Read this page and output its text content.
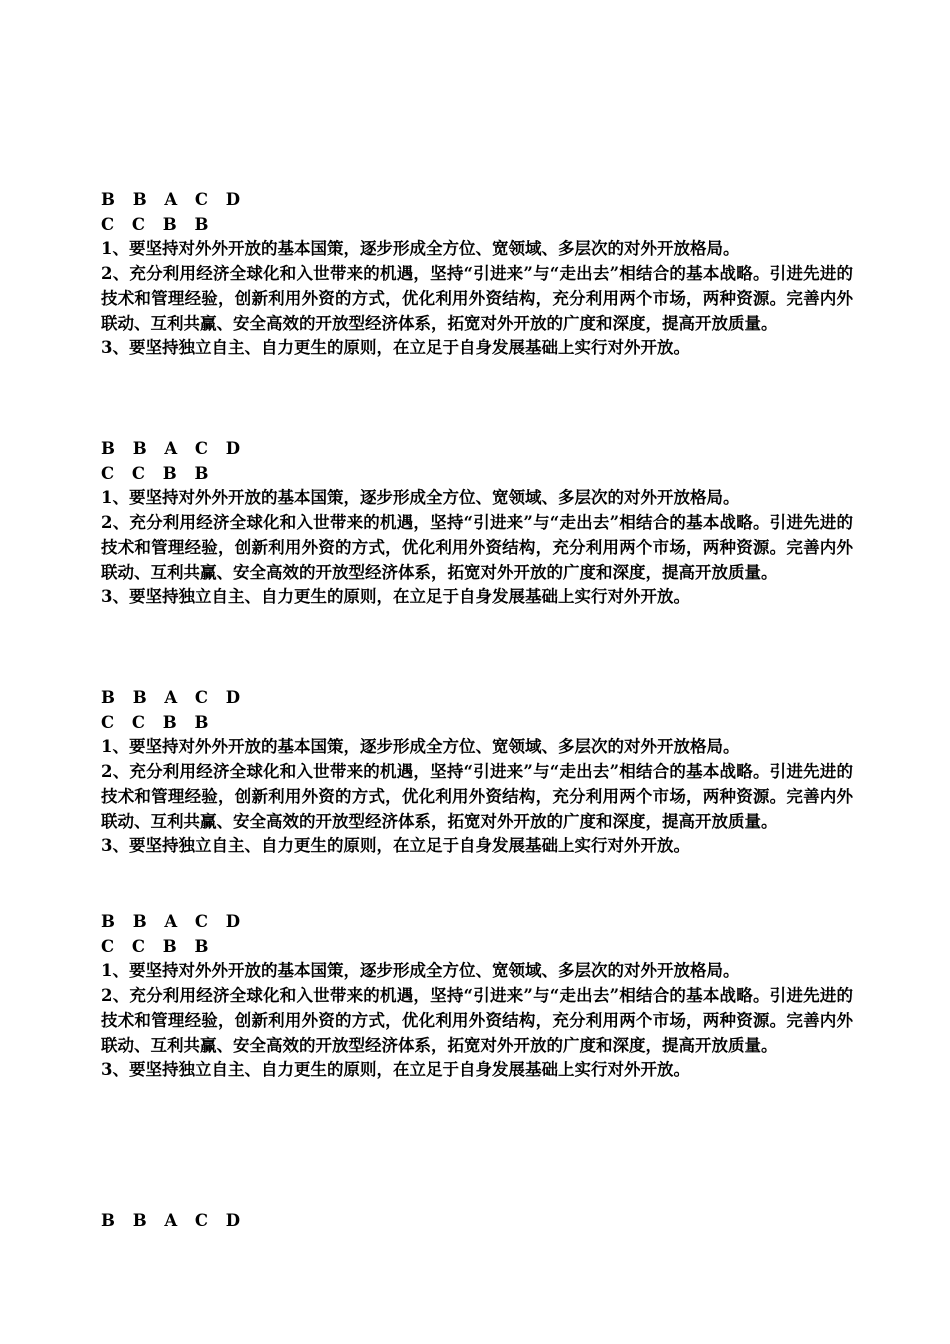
B B A C D
C C B B
1、要坚持对外外开放的基本国策，逐步形成全方位、宽领域、多层次的对外开放格局。
2、充分利用经济全球化和入世带来的机遇，坚持“引进来”与“走出去”相结合的基本战略。引进先进的技术和管理经验，创新利用外资的方式，优化利用外资结构，充分利用两个市场，两种资源。完善内外联动、互利共赢、安全高效的开放型经济体系，拓宽对外开放的广度和深度，提高开放质量。
3、要坚持独立自主、自力更生的原则，在立足于自身发展基础上实行对外开放。
B B A C D
C C B B
1、要坚持对外外开放的基本国策，逐步形成全方位、宽领域、多层次的对外开放格局。
2、充分利用经济全球化和入世带来的机遇，坚持“引进来”与“走出去”相结合的基本战略。引进先进的技术和管理经验，创新利用外资的方式，优化利用外资结构，充分利用两个市场，两种资源。完善内外联动、互利共赢、安全高效的开放型经济体系，拓宽对外开放的广度和深度，提高开放质量。
3、要坚持独立自主、自力更生的原则，在立足于自身发展基础上实行对外开放。
B B A C D
C C B B
1、要坚持对外外开放的基本国策，逐步形成全方位、宽领域、多层次的对外开放格局。
2、充分利用经济全球化和入世带来的机遇，坚持“引进来”与“走出去”相结合的基本战略。引进先进的技术和管理经验，创新利用外资的方式，优化利用外资结构，充分利用两个市场，两种资源。完善内外联动、互利共赢、安全高效的开放型经济体系，拓宽对外开放的广度和深度，提高开放质量。
3、要坚持独立自主、自力更生的原则，在立足于自身发展基础上实行对外开放。
B B A C D
C C B B
1、要坚持对外外开放的基本国策，逐步形成全方位、宽领域、多层次的对外开放格局。
2、充分利用经济全球化和入世带来的机遇，坚持“引进来”与“走出去”相结合的基本战略。引进先进的技术和管理经验，创新利用外资的方式，优化利用外资结构，充分利用两个市场，两种资源。完善内外联动、互利共赢、安全高效的开放型经济体系，拓宽对外开放的广度和深度，提高开放质量。
3、要坚持独立自主、自力更生的原则，在立足于自身发展基础上实行对外开放。
B B A C D
